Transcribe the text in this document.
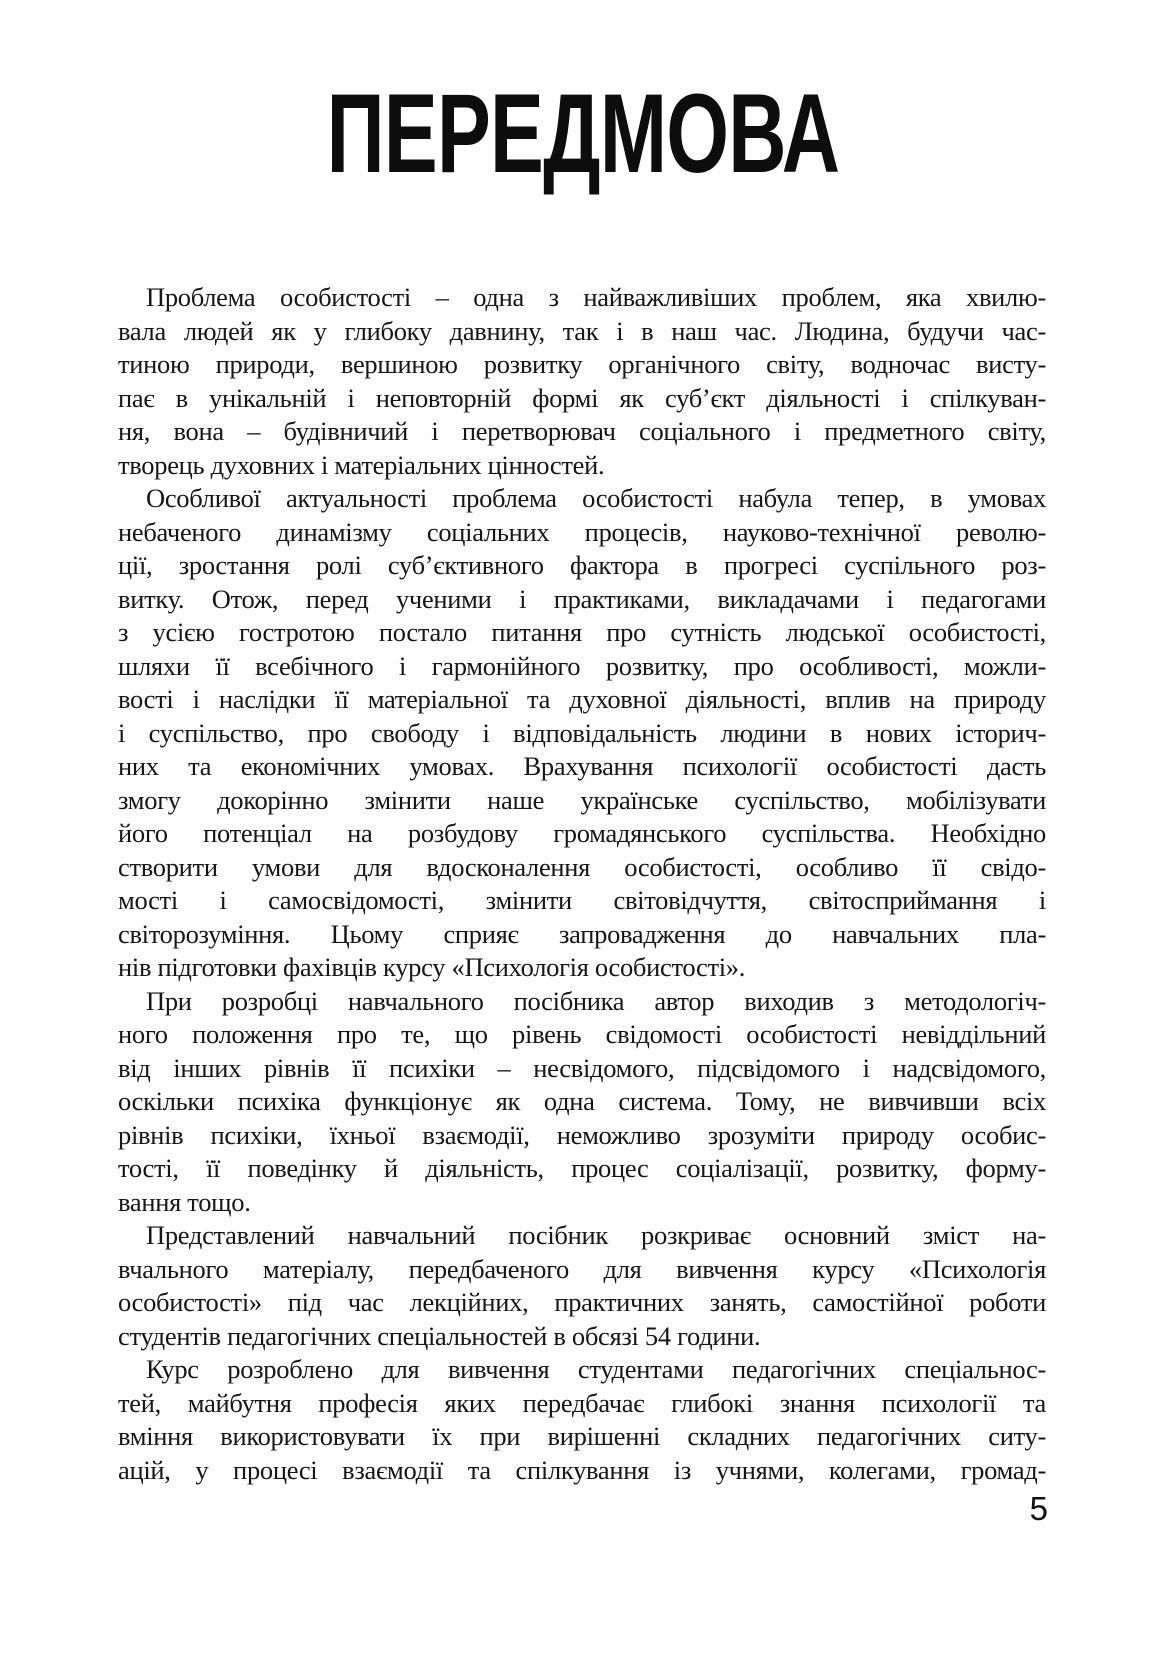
ПЕРЕДМОВА
Проблема особистості – одна з найважливіших проблем, яка хвилю-
вала людей як у глибоку давнину, так і в наш час. Людина, будучи час-
тиною природи, вершиною розвитку органічного світу, водночас висту-
пає в унікальній і неповторній формі як суб’єкт діяльності і спілкуван-
ня, вона – будівничий і перетворювач соціального і предметного світу,
творець духовних і матеріальних цінностей.
Особливої актуальності проблема особистості набула тепер, в умовах
небаченого динамізму соціальних процесів, науково-технічної револю-
ції, зростання ролі суб’єктивного фактора в прогресі суспільного роз-
витку. Отож, перед ученими і практиками, викладачами і педагогами
з усією гостротою постало питання про сутність людської особистості,
шляхи її всебічного і гармонійного розвитку, про особливості, можли-
вості і наслідки її матеріальної та духовної діяльності, вплив на природу
і суспільство, про свободу і відповідальність людини в нових історич-
них та економічних умовах. Врахування психології особистості дасть
змогу докорінно змінити наше українське суспільство, мобілізувати
його потенціал на розбудову громадянського суспільства. Необхідно
створити умови для вдосконалення особистості, особливо її свідо-
мості і самосвідомості, змінити світовідчуття, світосприймання і
світорозуміння. Цьому сприяє запровадження до навчальних пла-
нів підготовки фахівців курсу «Психологія особистості».
При розробці навчального посібника автор виходив з методологіч-
ного положення про те, що рівень свідомості особистості невіддільний
від інших рівнів її психіки – несвідомого, підсвідомого і надсвідомого,
оскільки психіка функціонує як одна система. Тому, не вивчивши всіх
рівнів психіки, їхньої взаємодії, неможливо зрозуміти природу особис-
тості, її поведінку й діяльність, процес соціалізації, розвитку, форму-
вання тощо.
Представлений навчальний посібник розкриває основний зміст на-
вчального матеріалу, передбаченого для вивчення курсу «Психологія
особистості» під час лекційних, практичних занять, самостійної роботи
студентів педагогічних спеціальностей в обсязі 54 години.
Курс розроблено для вивчення студентами педагогічних спеціальнос-
тей, майбутня професія яких передбачає глибокі знання психології та
вміння використовувати їх при вирішенні складних педагогічних ситу-
ацій, у процесі взаємодії та спілкування із учнями, колегами, громад-
5
